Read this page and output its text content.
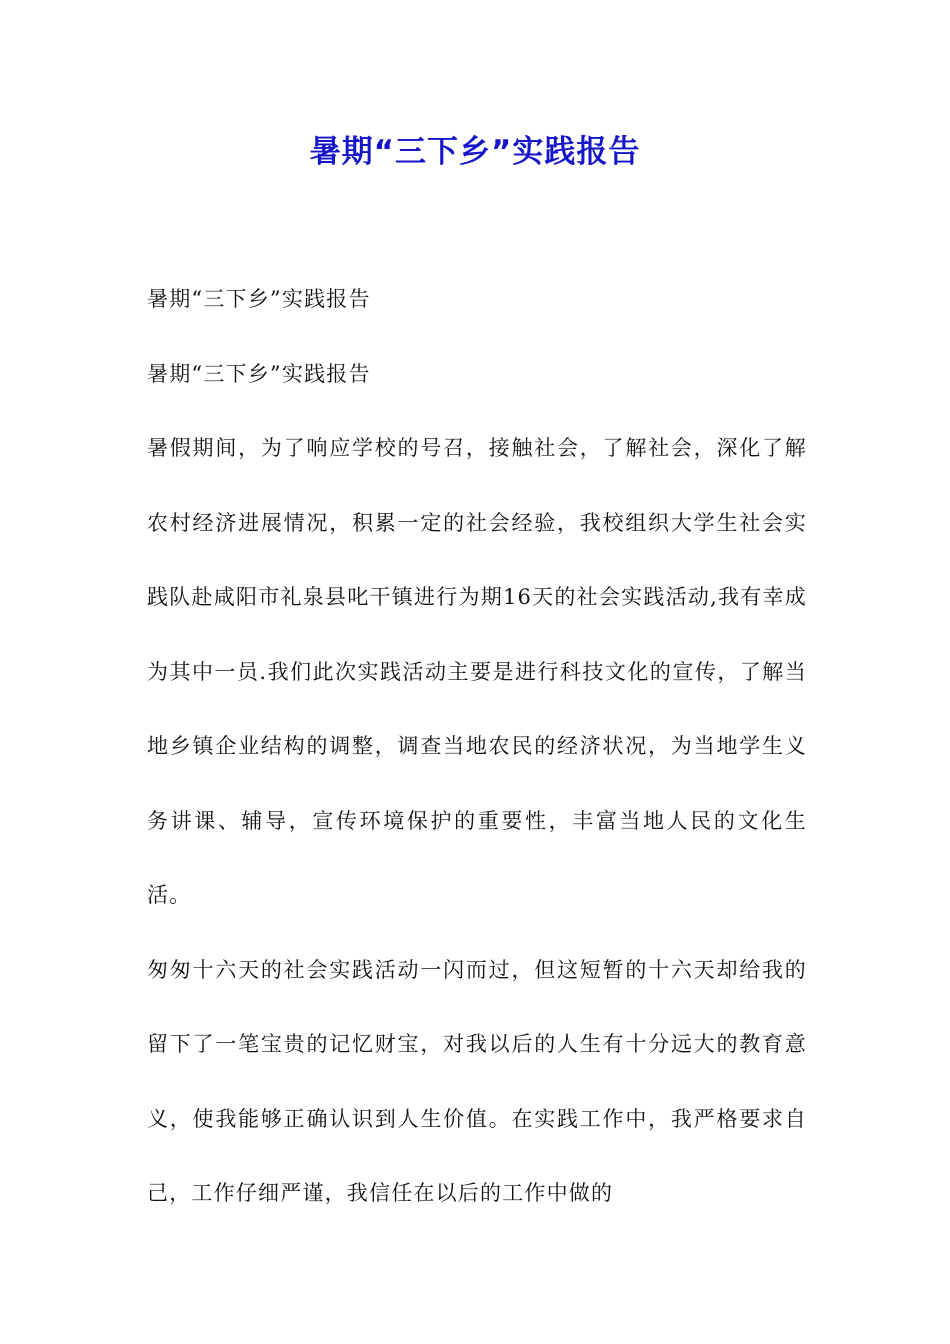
暑期“三下乡”实践报告

暑期“三下乡”实践报告

暑期“三下乡”实践报告

暑假期间，为了响应学校的号召，接触社会，了解社会，深化了解农村经济进展情况，积累一定的社会经验，我校组织大学生社会实践队赴咸阳市礼泉县叱干镇进行为期16天的社会实践活动,我有幸成为其中一员.我们此次实践活动主要是进行科技文化的宣传，了解当地乡镇企业结构的调整，调查当地农民的经济状况，为当地学生义务讲课、辅导，宣传环境保护的重要性，丰富当地人民的文化生活。

匆匆十六天的社会实践活动一闪而过，但这短暂的十六天却给我的留下了一笔宝贵的记忆财宝，对我以后的人生有十分远大的教育意义，使我能够正确认识到人生价值。在实践工作中，我严格要求自己，工作仔细严谨，我信任在以后的工作中做的
